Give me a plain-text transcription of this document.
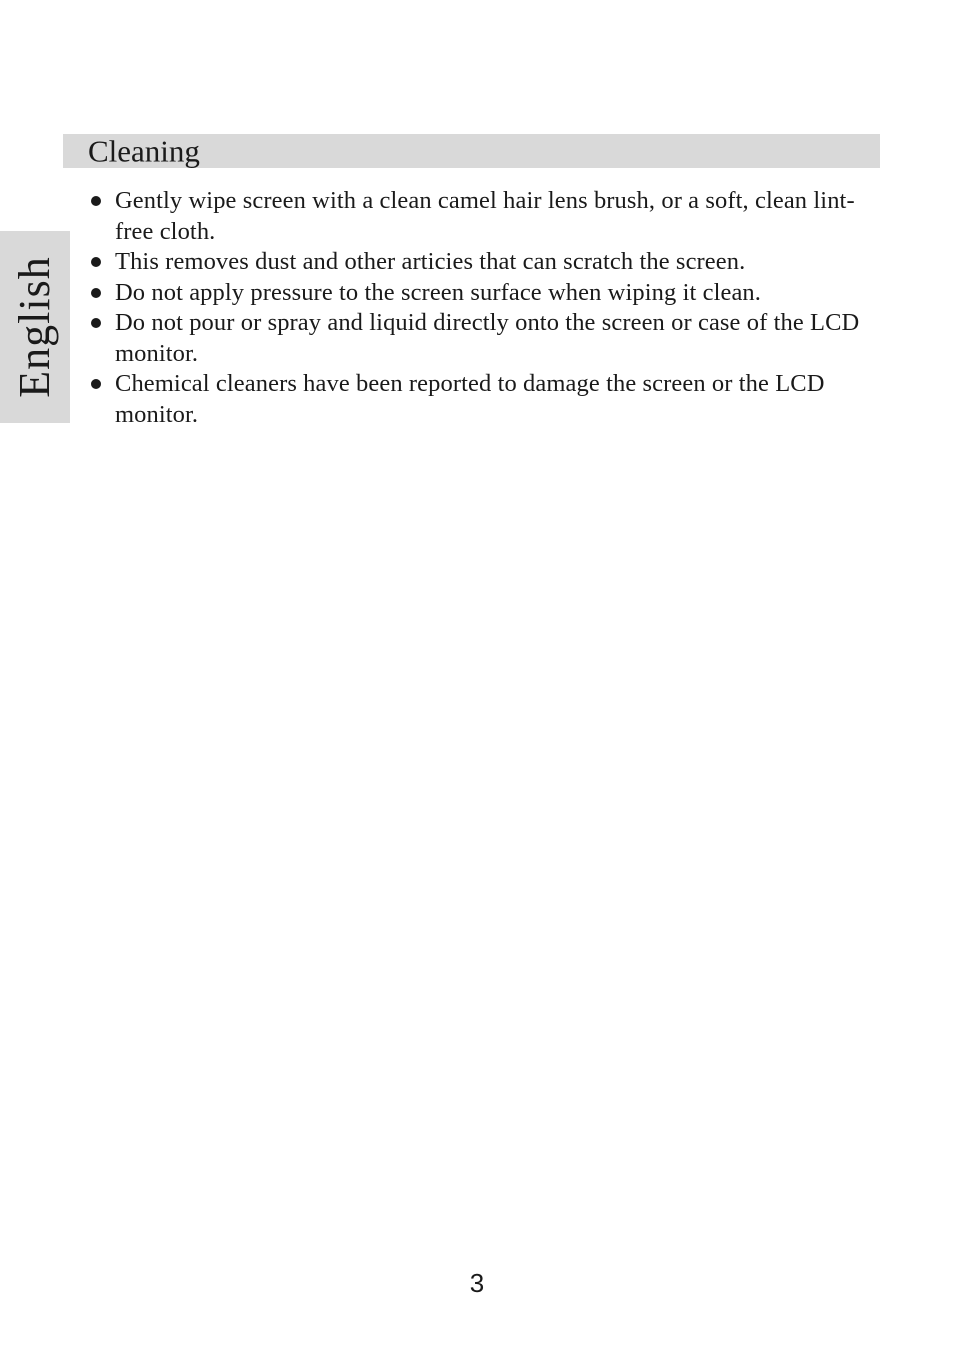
English
Cleaning
Gently wipe screen with a clean camel hair lens brush, or a soft, clean lint-free cloth.
This removes dust and other articies that can scratch the screen.
Do not apply pressure to the screen surface when wiping it clean.
Do not pour or spray and liquid directly onto the screen or case of the LCD monitor.
Chemical cleaners have been reported to damage the screen or the LCD monitor.
3
